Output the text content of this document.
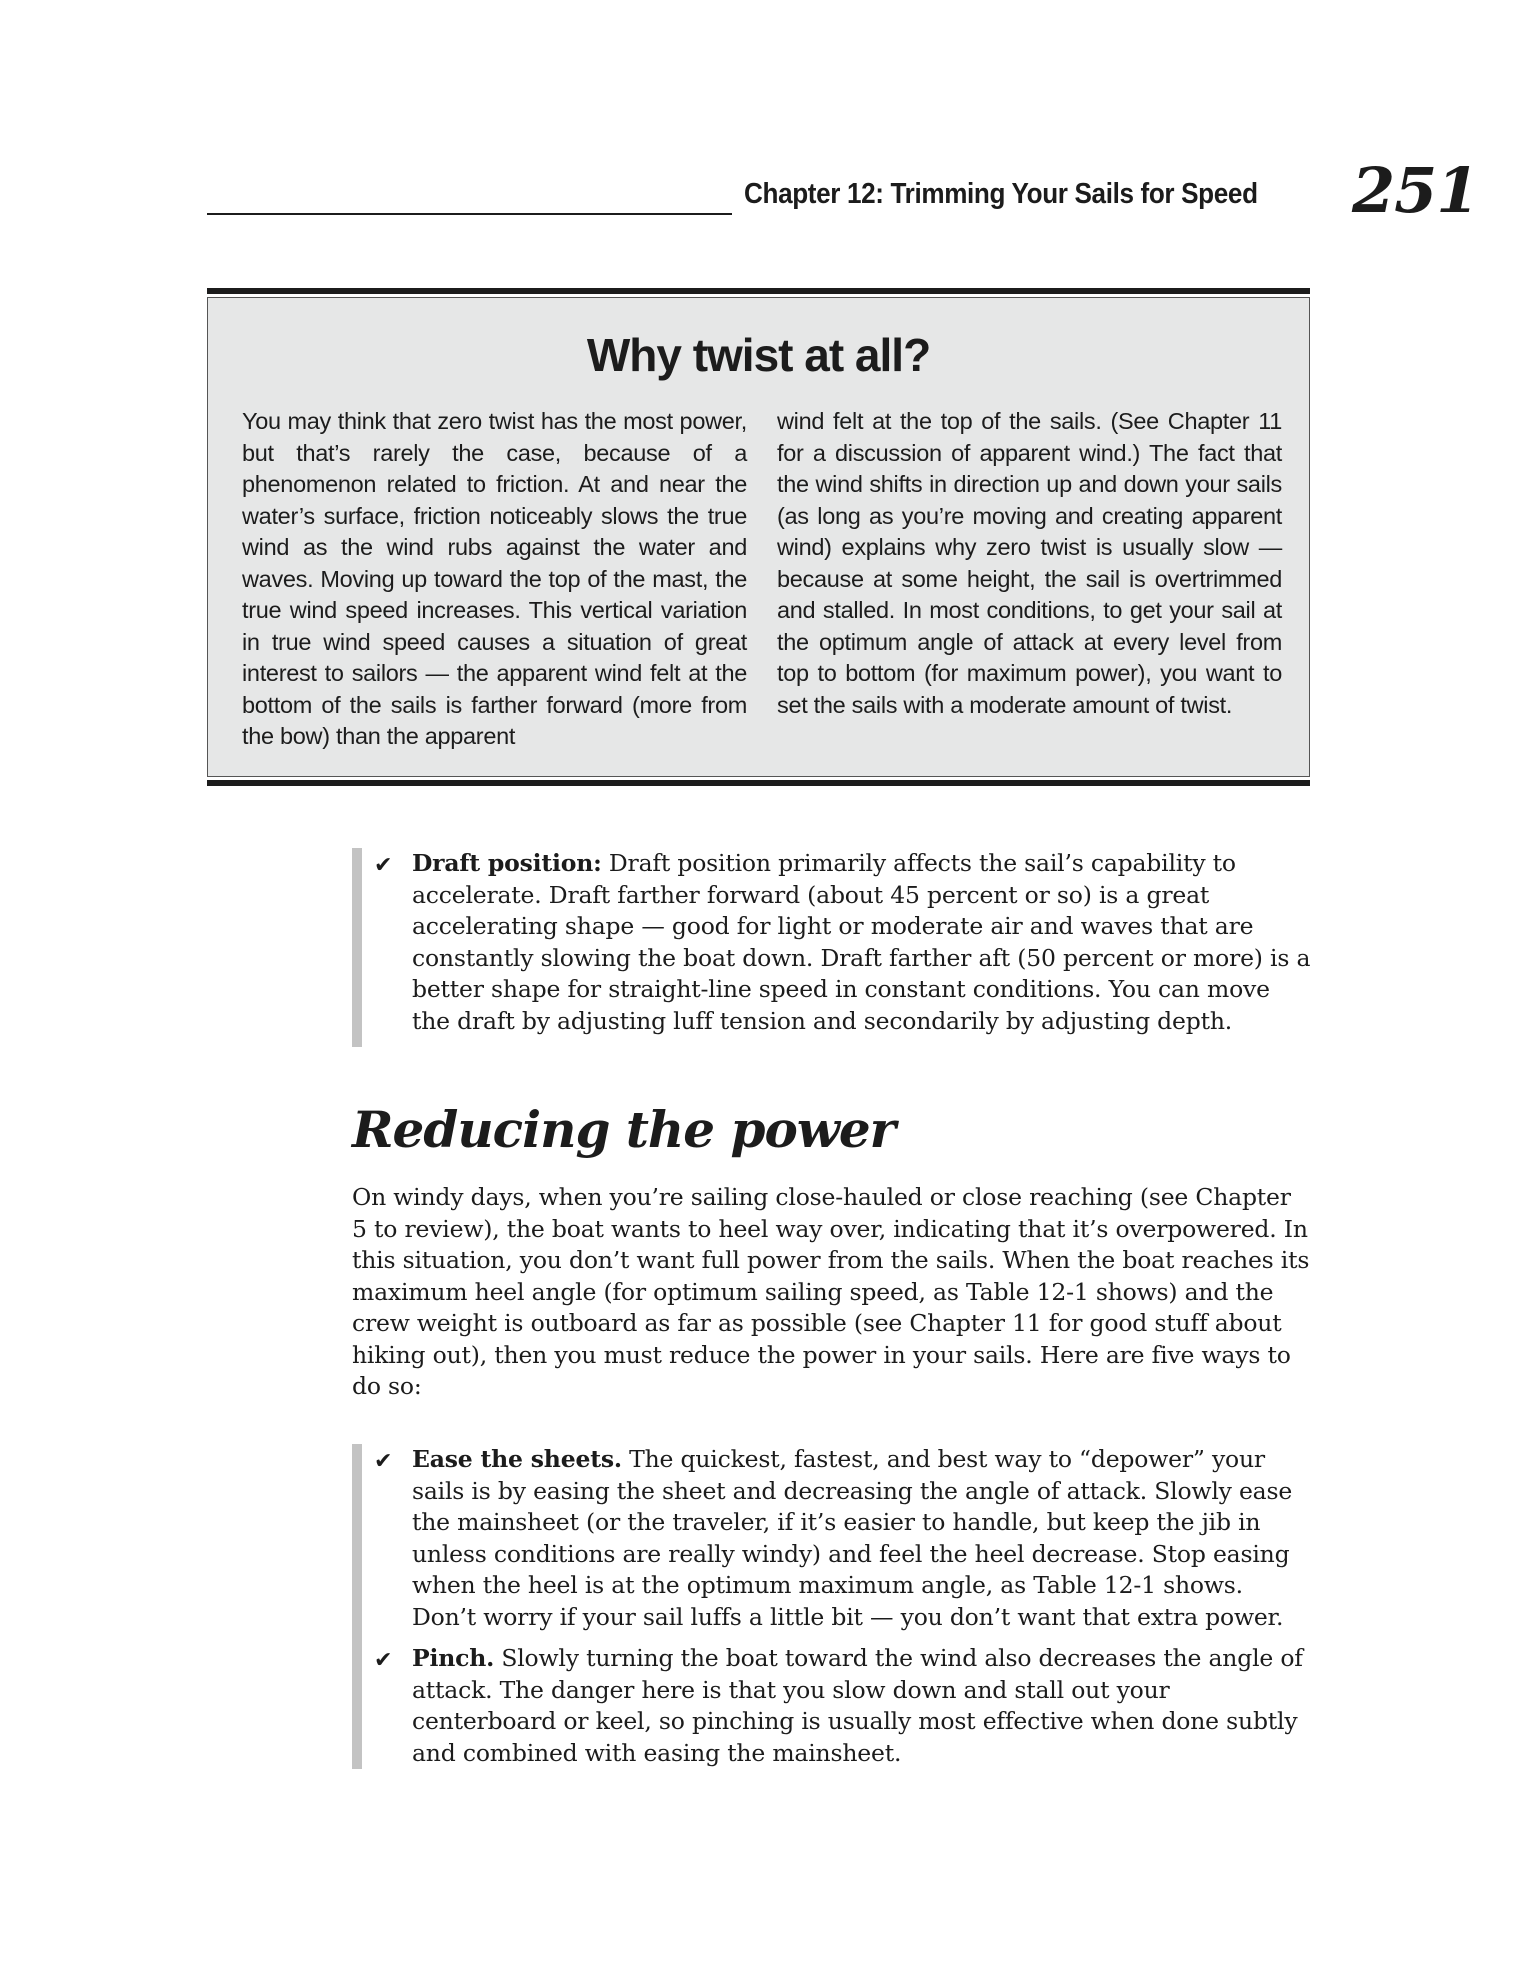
Chapter 12: Trimming Your Sails for Speed 251
Why twist at all?
You may think that zero twist has the most power, but that’s rarely the case, because of a phenomenon related to friction. At and near the water’s surface, friction noticeably slows the true wind as the wind rubs against the water and waves. Moving up toward the top of the mast, the true wind speed increases. This vertical variation in true wind speed causes a situation of great interest to sailors — the apparent wind felt at the bottom of the sails is farther forward (more from the bow) than the apparent
wind felt at the top of the sails. (See Chapter 11 for a discussion of apparent wind.) The fact that the wind shifts in direction up and down your sails (as long as you’re moving and creating apparent wind) explains why zero twist is usually slow — because at some height, the sail is overtrimmed and stalled. In most conditions, to get your sail at the optimum angle of attack at every level from top to bottom (for maximum power), you want to set the sails with a moderate amount of twist.
✔ Draft position: Draft position primarily affects the sail’s capability to accelerate. Draft farther forward (about 45 percent or so) is a great accelerating shape — good for light or moderate air and waves that are constantly slowing the boat down. Draft farther aft (50 percent or more) is a better shape for straight-line speed in constant conditions. You can move the draft by adjusting luff tension and secondarily by adjusting depth.
Reducing the power
On windy days, when you’re sailing close-hauled or close reaching (see Chapter 5 to review), the boat wants to heel way over, indicating that it’s overpowered. In this situation, you don’t want full power from the sails. When the boat reaches its maximum heel angle (for optimum sailing speed, as Table 12-1 shows) and the crew weight is outboard as far as possible (see Chapter 11 for good stuff about hiking out), then you must reduce the power in your sails. Here are five ways to do so:
✔ Ease the sheets. The quickest, fastest, and best way to “depower” your sails is by easing the sheet and decreasing the angle of attack. Slowly ease the mainsheet (or the traveler, if it’s easier to handle, but keep the jib in unless conditions are really windy) and feel the heel decrease. Stop easing when the heel is at the optimum maximum angle, as Table 12-1 shows. Don’t worry if your sail luffs a little bit — you don’t want that extra power.
✔ Pinch. Slowly turning the boat toward the wind also decreases the angle of attack. The danger here is that you slow down and stall out your centerboard or keel, so pinching is usually most effective when done subtly and combined with easing the mainsheet.
